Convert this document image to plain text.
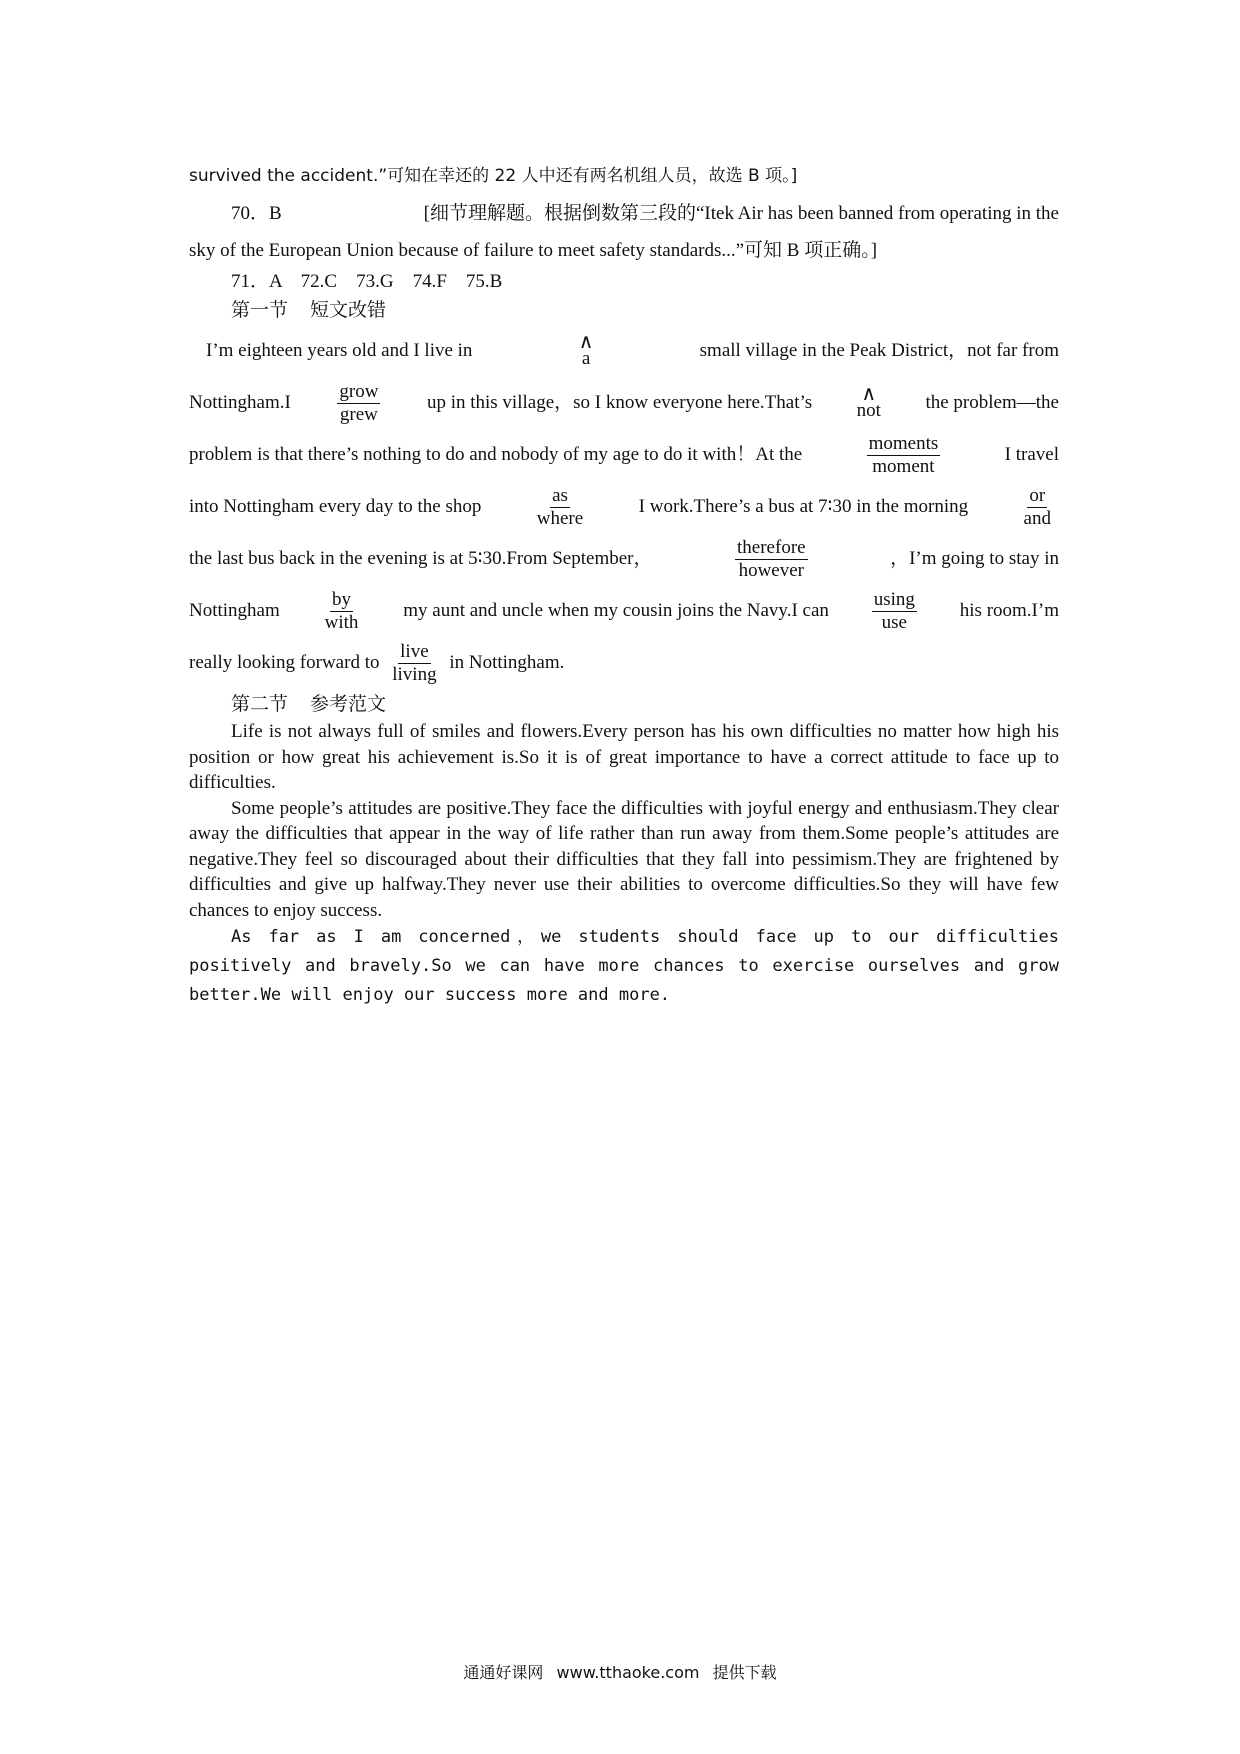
survived the accident.”可知在幸还的 22 人中还有两名机组人员，故选 B 项。]
70．B	[细节理解题。根据倒数第三段的“Itek Air has been banned from operating in the
sky of the European Union because of failure to meet safety standards...”可知 B 项正确。]
71．A　72.C　73.G　74.F　75.B
第一节 短文改错
I’m eighteen years old and I live in	∧
a	small village in the Peak District，not far from
Nottingham.I $\frac{\text{grow}}{\text{grew}}$ up in this village，so I know everyone here.That’s ∧
not the problem—the
problem is that there’s nothing to do and nobody of my age to do it with！At the	$\frac{\text{moments}}{\text{moment}}$	I travel
into Nottingham every day to the shop	$\frac{as}{\text{where}}$	I work.There’s a bus at 7∶30 in the morning	$\frac{or}{\text{and}}$
the last bus back in the evening is at 5∶30.From September，	$\frac{\text{therefore}}{\text{however}}$	，I’m going to stay in
Nottingham $\frac{by}{\text{with}}$ my aunt and uncle when my cousin joins the Navy.I can $\frac{using}{\text{use}}$ his room.I’m
really looking forward to $\frac{\text{live}}{\text{living}}$ in Nottingham.
第二节 参考范文

Life is not always full of smiles and flowers.Every person has his own difficulties no matter how high his position or how great his achievement is.So it is of great importance to have a correct attitude to face up to difficulties.

Some people’s attitudes are positive.They face the difficulties with joyful energy and enthusiasm.They clear away the difficulties that appear in the way of life rather than run away from them.Some people’s attitudes are negative.They feel so discouraged about their difficulties that they fall into pessimism.They are frightened by difficulties and give up halfway.They never use their abilities to overcome difficulties.So they will have few chances to enjoy success.

As far as I am concerned，we students should face up to our difficulties positively and bravely.So we can have more chances to exercise ourselves and grow better.We will enjoy our success more and more.

通通好课网 www.tthaoke.com 提供下载
